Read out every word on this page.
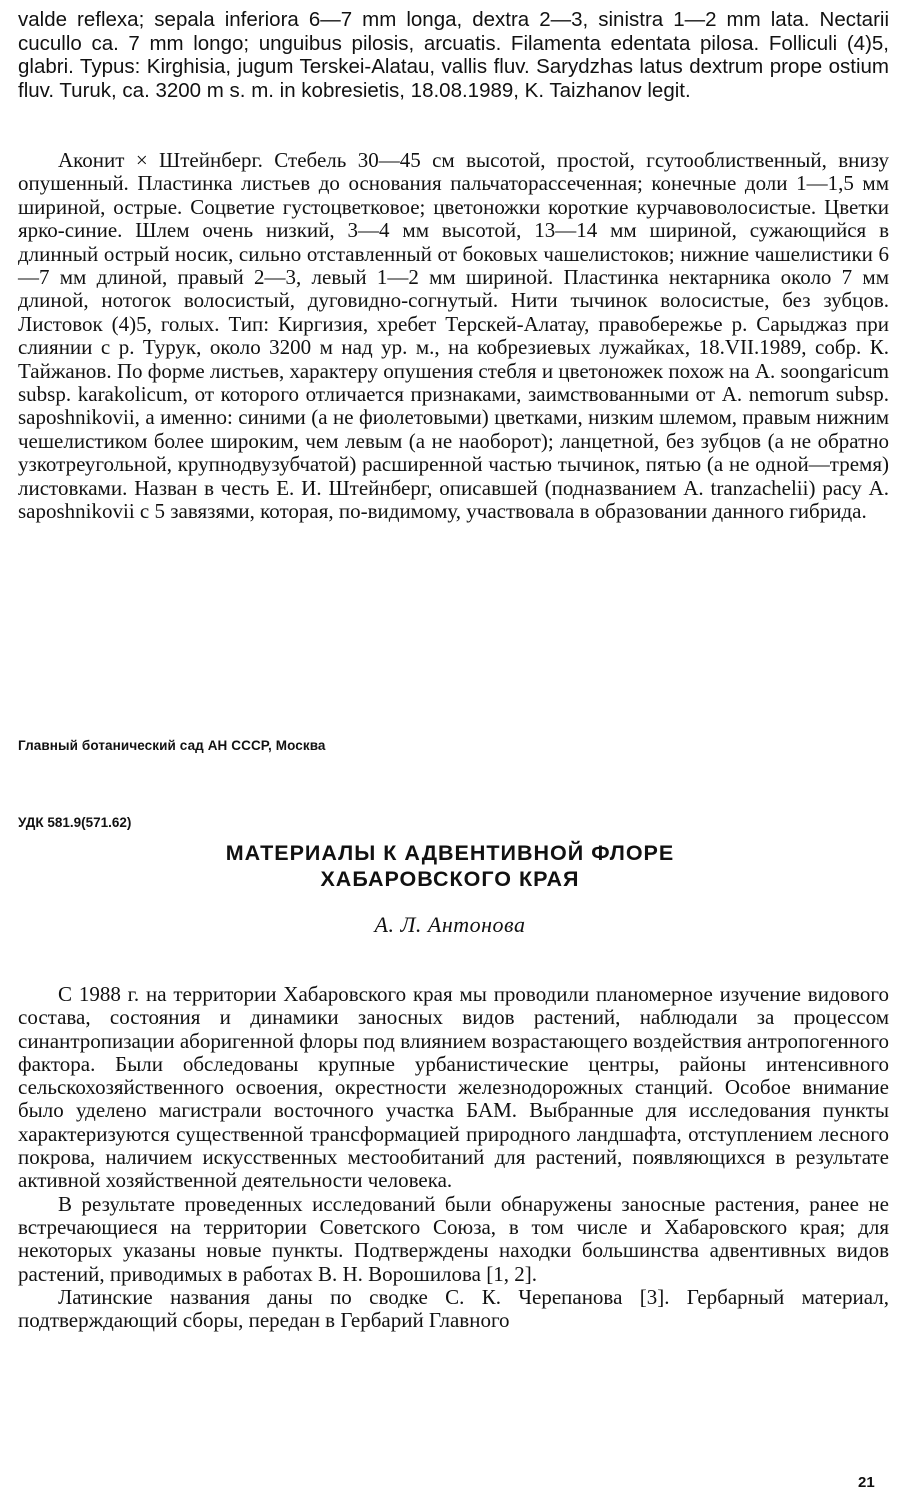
valde reflexa; sepala inferiora 6—7 mm longa, dextra 2—3, sinistra 1—2 mm lata. Nectarii cucullo ca. 7 mm longo; unguibus pilosis, arcuatis. Filamenta edentata pilosa. Folliculi (4)5, glabri. Typus: Kirghisia, jugum Terskei-Alatau, vallis fluv. Sarydzhas latus dextrum prope ostium fluv. Turuk, ca. 3200 m s. m. in kobresietis, 18.08.1989, K. Taizhanov legit.

Аконит × Штейнберг. Стебель 30—45 см высотой, простой, гсутооблиственный, внизу опушенный. Пластинка листьев до основания пальчаторассеченная; конечные доли 1—1,5 мм шириной, острые. Соцветие густоцветковое; цветоножки короткие курчавоволосистые. Цветки ярко-синие. Шлем очень низкий, 3—4 мм высотой, 13—14 мм шириной, сужающийся в длинный острый носик, сильно отставленный от боковых чашелистоков; нижние чашелистики 6—7 мм длиной, правый 2—3, левый 1—2 мм шириной. Пластинка нектарника около 7 мм длиной, нотогок волосистый, дуговидно-согнутый. Нити тычинок волосистые, без зубцов. Листовок (4)5, голых. Тип: Киргизия, хребет Терскей-Алатау, правобережье р. Сарыджаз при слиянии с р. Турук, около 3200 м над ур. м., на кобрезиевых лужайках, 18.VII.1989, собр. К. Тайжанов. По форме листьев, характеру опушения стебля и цветоножек похож на A. soongaricum subsp. karakolicum, от которого отличается признаками, заимствованными от A. nemorum subsp. saposhnikovii, а именно: синими (а не фиолетовыми) цветками, низким шлемом, правым нижним чешелистиком более широким, чем левым (а не наоборот); ланцетной, без зубцов (а не обратно узкотреугольной, крупнодвузубчатой) расширенной частью тычинок, пятью (а не одной—тремя) листовками. Назван в честь Е. И. Штейнберг, описавшей (подназванием A. tranzachelii) расу A. saposhnikovii с 5 завязями, которая, по-видимому, участвовала в образовании данного гибрида.

Главный ботанический сад АН СССР, Москва

УДК 581.9(571.62)

МАТЕРИАЛЫ К АДВЕНТИВНОЙ ФЛОРЕ
ХАБАРОВСКОГО КРАЯ

А. Л. Антонова

С 1988 г. на территории Хабаровского края мы проводили планомерное изучение видового состава, состояния и динамики заносных видов растений, наблюдали за процессом синантропизации аборигенной флоры под влиянием возрастающего воздействия антропогенного фактора. Были обследованы крупные урбанистические центры, районы интенсивного сельскохозяйственного освоения, окрестности железнодорожных станций. Особое внимание было уделено магистрали восточного участка БАМ. Выбранные для исследования пункты характеризуются существенной трансформацией природного ландшафта, отступлением лесного покрова, наличием искусственных местообитаний для растений, появляющихся в результате активной хозяйственной деятельности человека.

В результате проведенных исследований были обнаружены заносные растения, ранее не встречающиеся на территории Советского Союза, в том числе и Хабаровского края; для некоторых указаны новые пункты. Подтверждены находки большинства адвентивных видов растений, приводимых в работах В. Н. Ворошилова [1, 2].

Латинские названия даны по сводке С. К. Черепанова [3]. Гербарный материал, подтверждающий сборы, передан в Гербарий Главного

21
